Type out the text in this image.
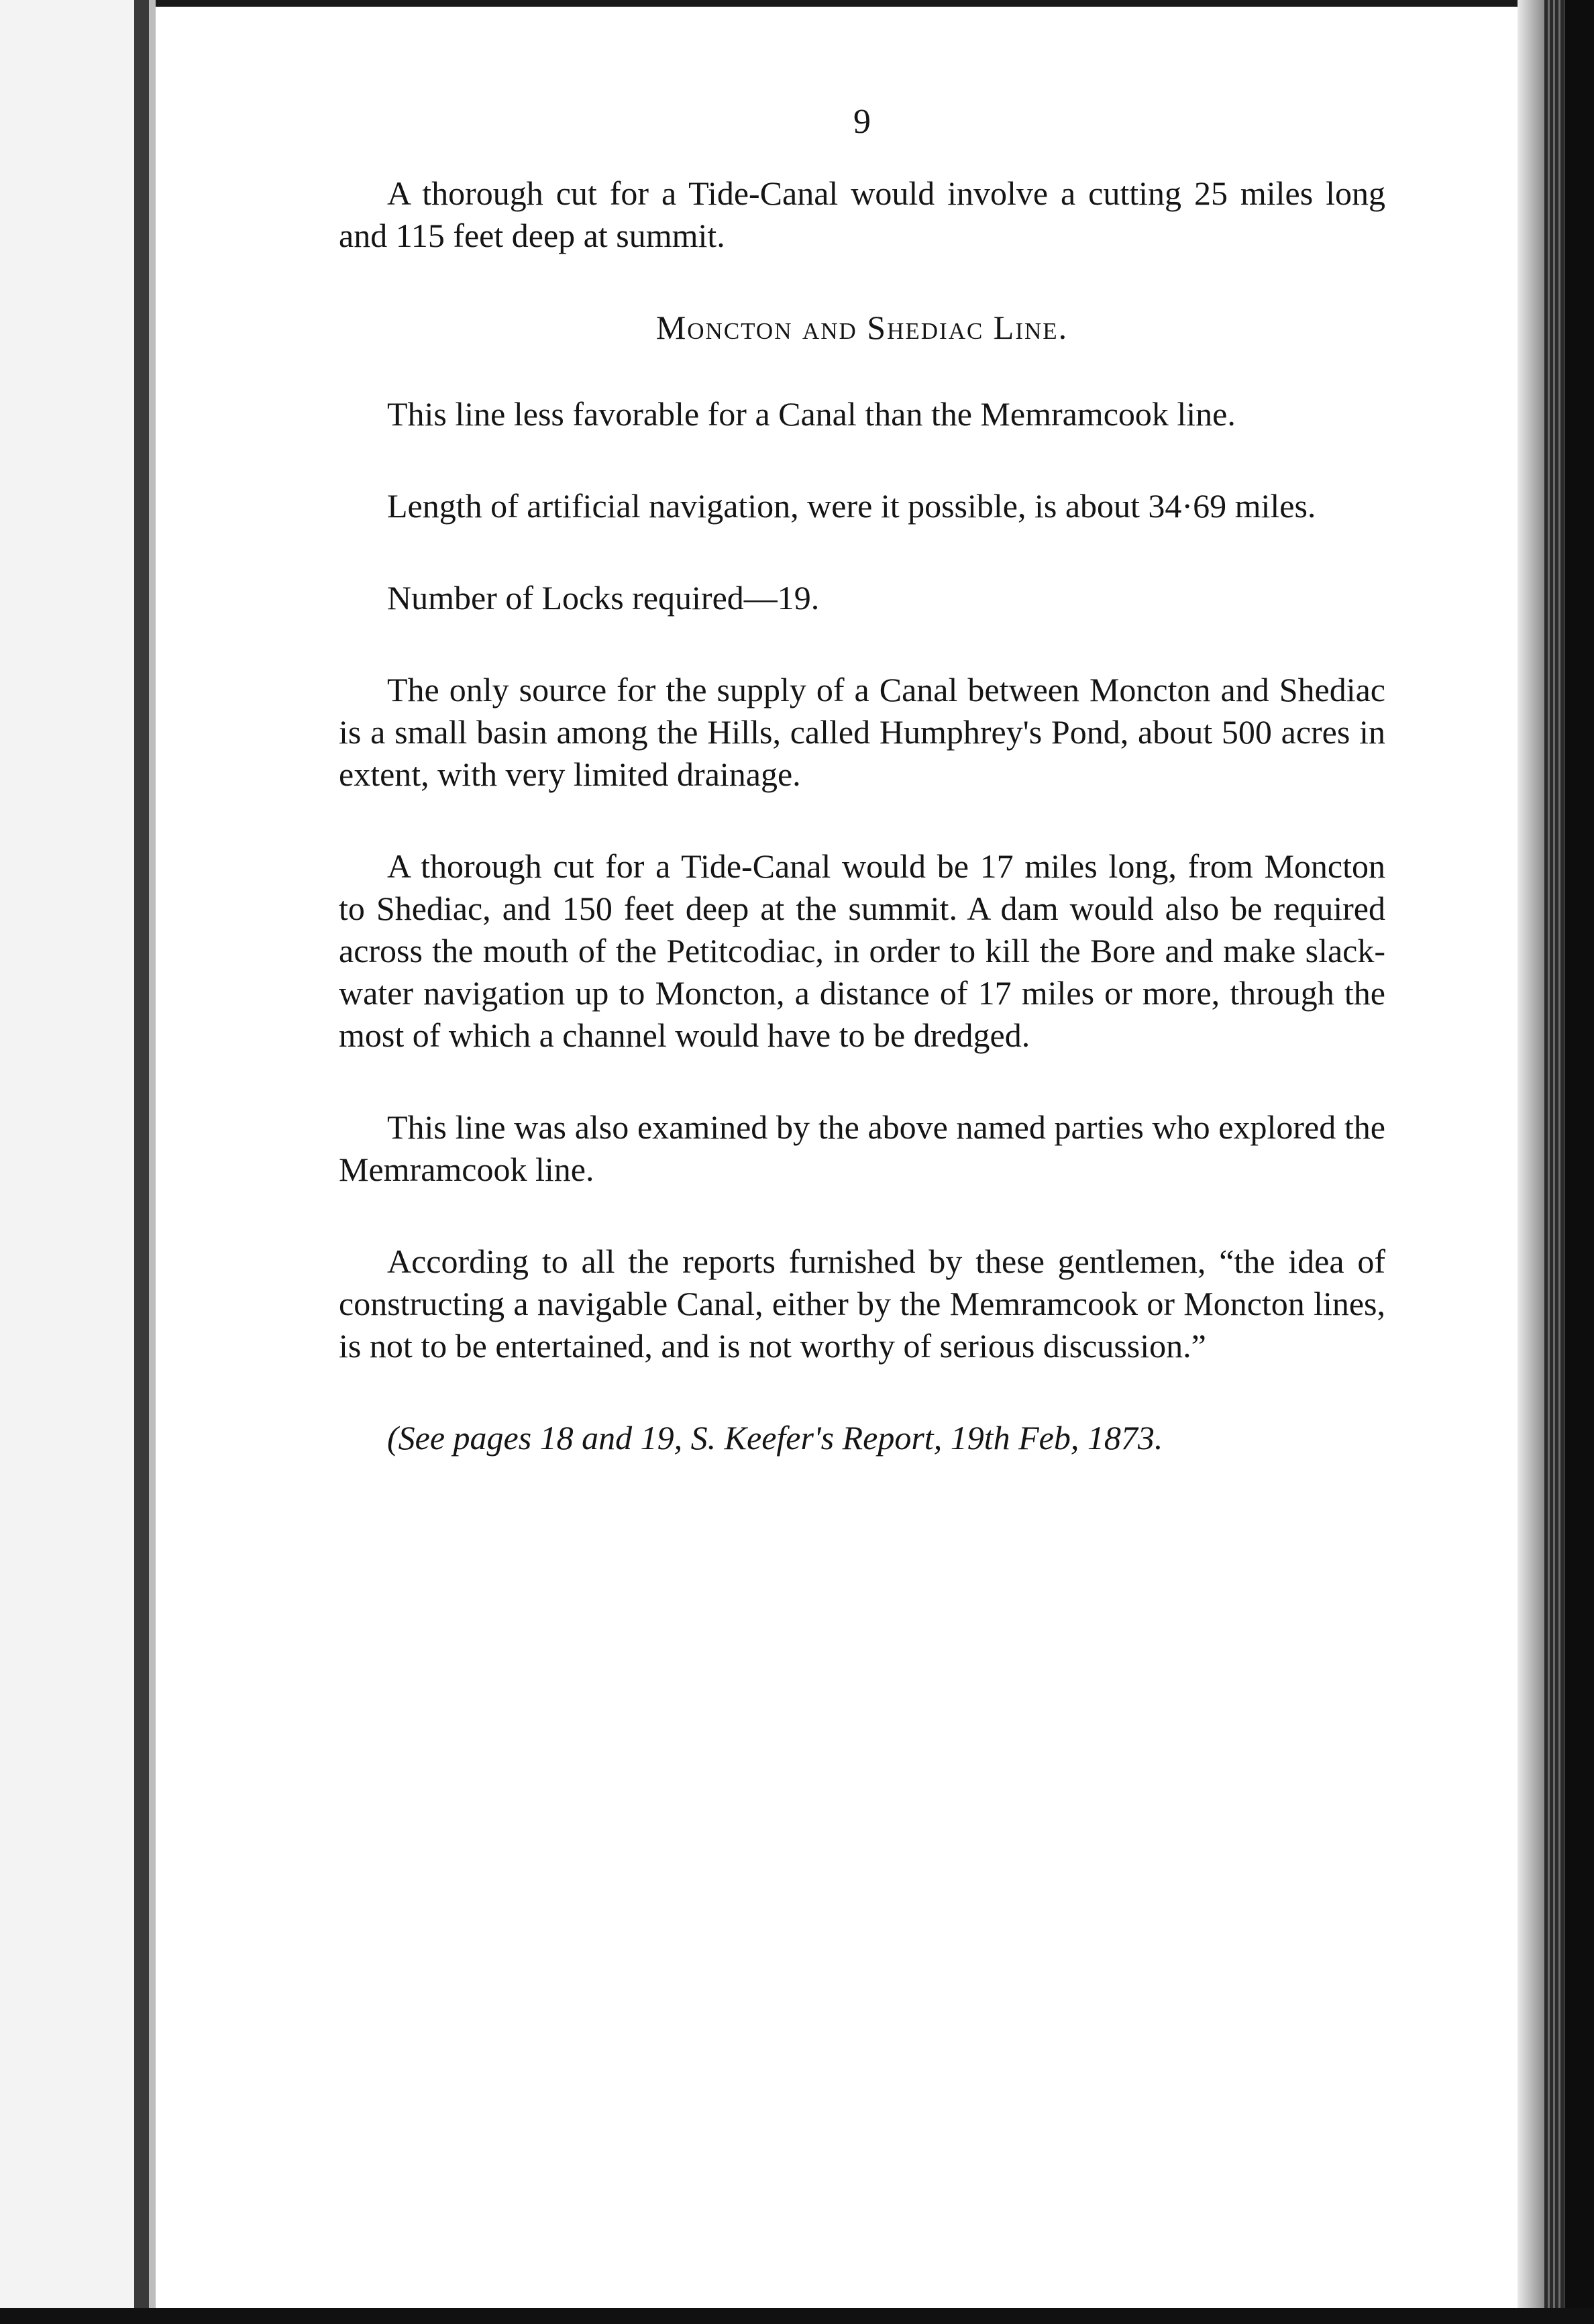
9

A thorough cut for a Tide-Canal would involve a cutting 25 miles long and 115 feet deep at summit.

Moncton and Shediac Line.

This line less favorable for a Canal than the Memramcook line.

Length of artificial navigation, were it possible, is about 34·69 miles.

Number of Locks required—19.

The only source for the supply of a Canal between Moncton and Shediac is a small basin among the Hills, called Humphrey's Pond, about 500 acres in extent, with very limited drainage.

A thorough cut for a Tide-Canal would be 17 miles long, from Moncton to Shediac, and 150 feet deep at the summit. A dam would also be required across the mouth of the Petitcodiac, in order to kill the Bore and make slack-water navigation up to Moncton, a distance of 17 miles or more, through the most of which a channel would have to be dredged.

This line was also examined by the above named parties who explored the Memramcook line.

According to all the reports furnished by these gentlemen, “the idea of constructing a navigable Canal, either by the Memramcook or Moncton lines, is not to be entertained, and is not worthy of serious discussion.”

(See pages 18 and 19, S. Keefer's Report, 19th Feb, 1873.
